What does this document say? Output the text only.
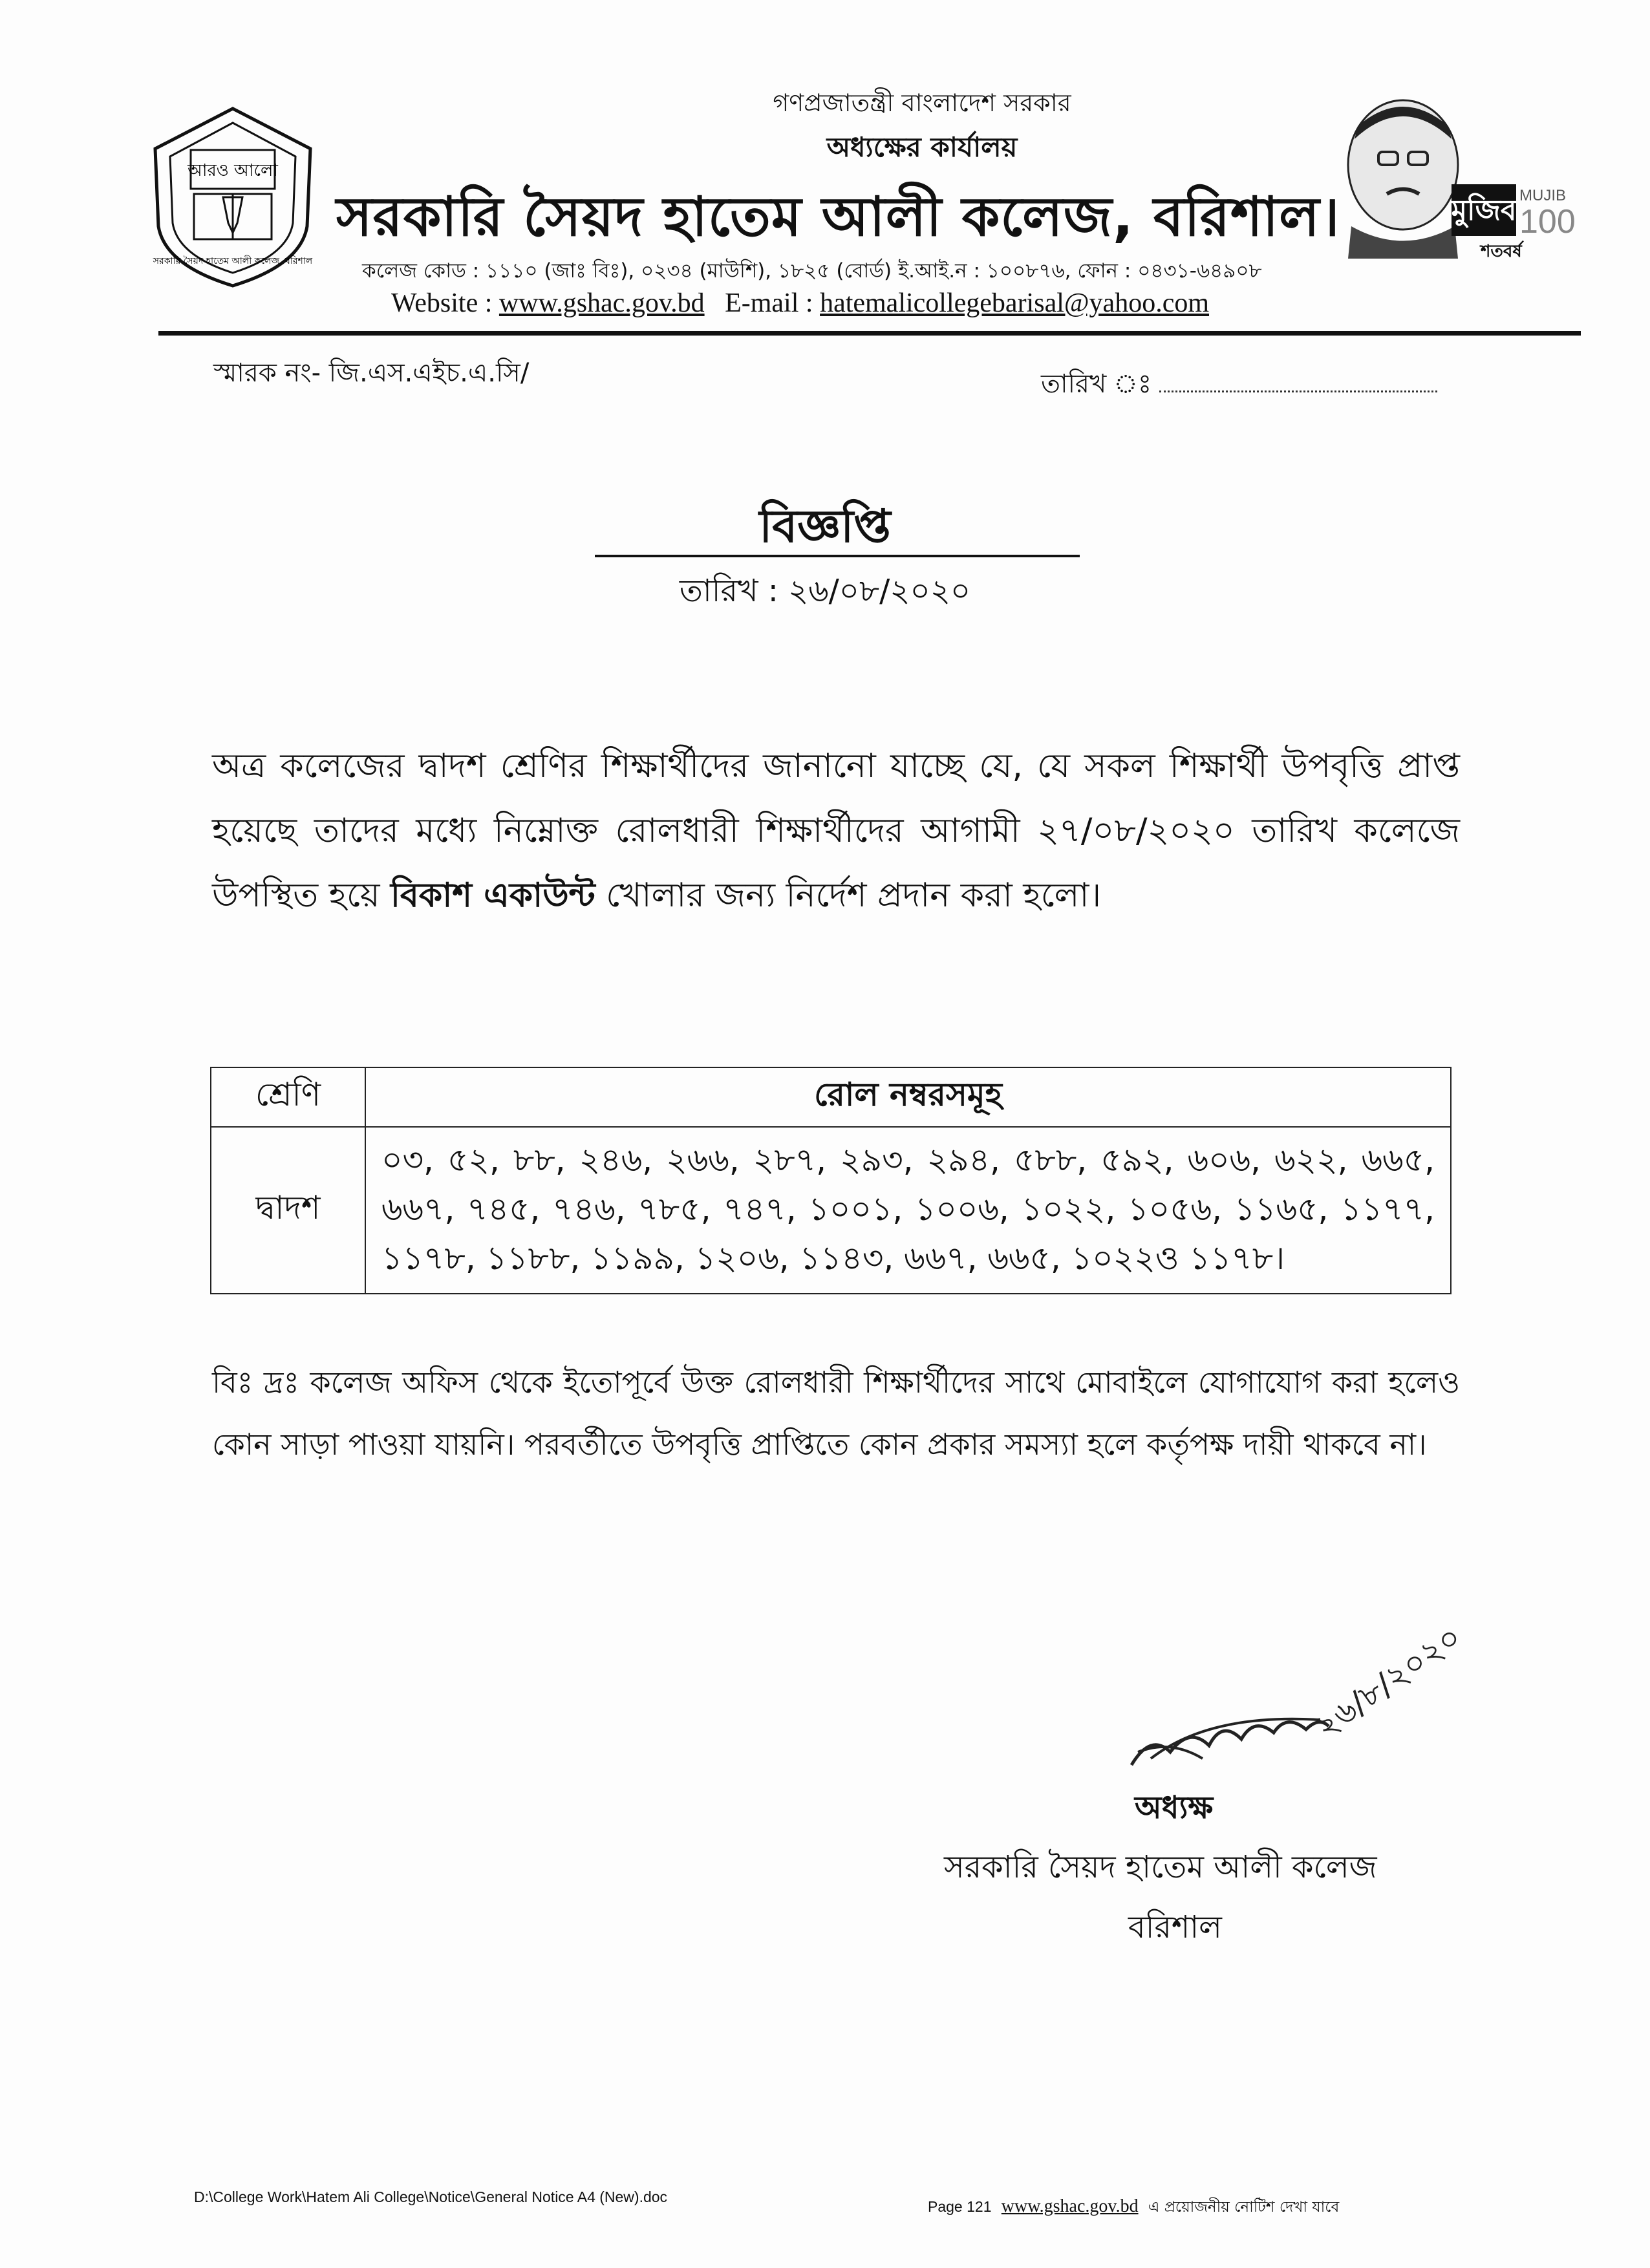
আরও আলো
সরকারি সৈয়দ হাতেম আলী কলেজ, বরিশাল
গণপ্রজাতন্ত্রী বাংলাদেশ সরকার
অধ্যক্ষের কার্যালয়
সরকারি সৈয়দ হাতেম আলী কলেজ, বরিশাল।
কলেজ কোড : ১১১০ (জাঃ বিঃ), ০২৩৪ (মাউশি), ১৮২৫ (বোর্ড) ই.আই.ন : ১০০৮৭৬, ফোন : ০৪৩১-৬৪৯০৮
Website : www.gshac.gov.bd E-mail : hatemalicollegebarisal@yahoo.com
মুজিব MUJIB
100
শতবর্ষ
স্মারক নং- জি.এস.এইচ.এ.সি/	তারিখ ঃ
বিজ্ঞপ্তি
তারিখ : ২৬/০৮/২০২০
অত্র কলেজের দ্বাদশ শ্রেণির শিক্ষার্থীদের জানানো যাচ্ছে যে, যে সকল শিক্ষার্থী উপবৃত্তি প্রাপ্ত হয়েছে তাদের মধ্যে নিম্নোক্ত রোলধারী শিক্ষার্থীদের আগামী ২৭/০৮/২০২০ তারিখ কলেজে উপস্থিত হয়ে বিকাশ একাউন্ট খোলার জন্য নির্দেশ প্রদান করা হলো।
শ্রেণি	রোল নম্বরসমূহ
দ্বাদশ	০৩, ৫২, ৮৮, ২৪৬, ২৬৬, ২৮৭, ২৯৩, ২৯৪, ৫৮৮, ৫৯২, ৬০৬, ৬২২, ৬৬৫, ৬৬৭, ৭৪৫, ৭৪৬, ৭৮৫, ৭৪৭, ১০০১, ১০০৬, ১০২২, ১০৫৬, ১১৬৫, ১১৭৭, ১১৭৮, ১১৮৮, ১১৯৯, ১২০৬, ১১৪৩, ৬৬৭, ৬৬৫, ১০২২ও ১১৭৮।
বিঃ দ্রঃ কলেজ অফিস থেকে ইতোপূর্বে উক্ত রোলধারী শিক্ষার্থীদের সাথে মোবাইলে যোগাযোগ করা হলেও কোন সাড়া পাওয়া যায়নি। পরবর্তীতে উপবৃত্তি প্রাপ্তিতে কোন প্রকার সমস্যা হলে কর্তৃপক্ষ দায়ী থাকবে না।
২৬/৮/২০২০
অধ্যক্ষ
সরকারি সৈয়দ হাতেম আলী কলেজ
বরিশাল
D:\College Work\Hatem Ali College\Notice\General Notice A4 (New).doc
Page 121 www.gshac.gov.bd এ প্রয়োজনীয় নোটিশ দেখা যাবে
